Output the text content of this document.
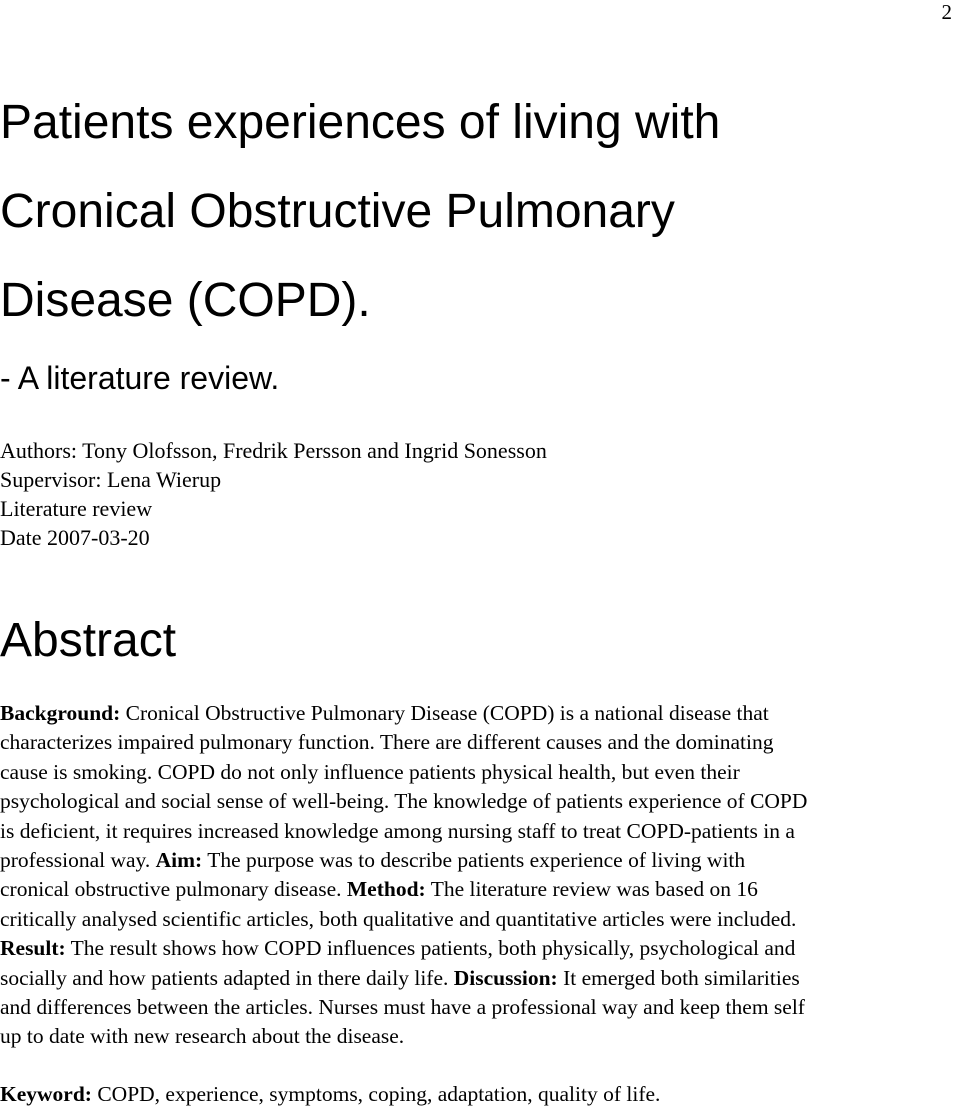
2
Patients experiences of living with
Cronical Obstructive Pulmonary
Disease (COPD).
- A literature review.
Authors: Tony Olofsson, Fredrik Persson and Ingrid Sonesson
Supervisor: Lena Wierup
Literature review
Date 2007-03-20
Abstract
Background: Cronical Obstructive Pulmonary Disease (COPD) is a national disease that
characterizes impaired pulmonary function. There are different causes and the dominating
cause is smoking. COPD do not only influence patients physical health, but even their
psychological and social sense of well-being. The knowledge of patients experience of COPD
is deficient, it requires increased knowledge among nursing staff to treat COPD-patients in a
professional way. Aim: The purpose was to describe patients experience of living with
cronical obstructive pulmonary disease. Method: The literature review was based on 16
critically analysed scientific articles, both qualitative and quantitative articles were included.
Result: The result shows how COPD influences patients, both physically, psychological and
socially and how patients adapted in there daily life. Discussion: It emerged both similarities
and differences between the articles. Nurses must have a professional way and keep them self
up to date with new research about the disease.
Keyword: COPD, experience, symptoms, coping, adaptation, quality of life.
